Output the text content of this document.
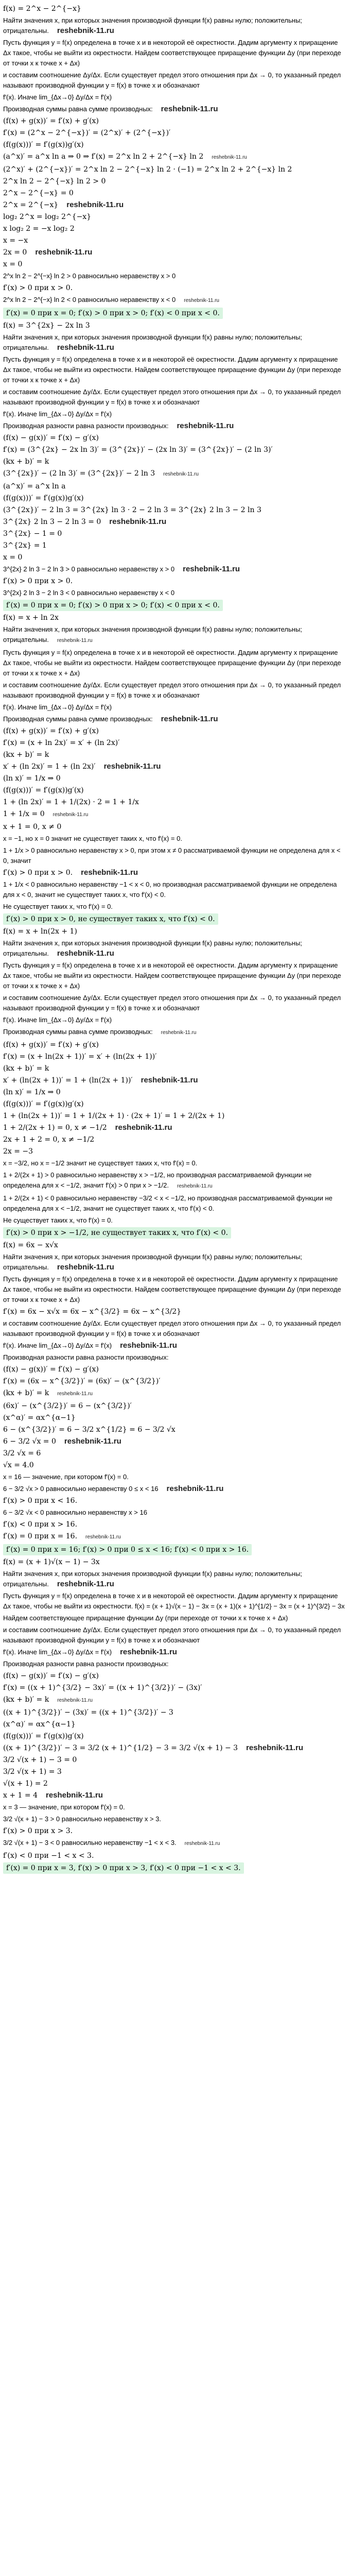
f(x) = 2^x − 2^{−x}
Найти значения x, при которых значения производной функции f(x) равны нулю; положительны; отрицательны. reshebnik-11.ru
Пусть функция y = f(x) определена в точке x и в некоторой её окрестности. Дадим аргументу x приращение Δx такое, чтобы не выйти из окрестности. Найдем соответствующее приращение функции Δy (при переходе от точки x к точке x + Δx)
и составим соотношение Δy/Δx. Если существует предел этого отношения при Δx → 0, то указанный предел называют производной функции y = f(x) в точке x и обозначают
f′(x). Иначе lim_{Δx→0} Δy/Δx = f′(x)
Производная суммы равна сумме производных: reshebnik-11.ru
(f(x) + g(x))′ = f′(x) + g′(x)
f′(x) = (2^x − 2^{−x})′ = (2^x)′ + (2^{−x})′
(f(g(x)))′ = f′(g(x))g′(x)
(a^x)′ = a^x ln a ⇒ 0 ⇒ f′(x) = 2^x ln 2 + 2^{−x} ln 2 reshebnik-11.ru
(2^x)′ + (2^{−x})′ = 2^x ln 2 − 2^{−x} ln 2 · (−1) = 2^x ln 2 + 2^{−x} ln 2
2^x ln 2 − 2^{−x} ln 2 > 0
2^x − 2^{−x} = 0
2^x = 2^{−x} reshebnik-11.ru
log₂ 2^x = log₂ 2^{−x}
x log₂ 2 = −x log₂ 2
x = −x
2x = 0 reshebnik-11.ru
x = 0
2^x ln 2 − 2^{−x} ln 2 > 0 равносильно неравенству x > 0
f′(x) > 0 при x > 0.
2^x ln 2 − 2^{−x} ln 2 < 0 равносильно неравенству x < 0 reshebnik-11.ru
f′(x) = 0 при x = 0; f′(x) > 0 при x > 0; f′(x) < 0 при x < 0.
f(x) = 3^{2x} − 2x ln 3
Найти значения x, при которых значения производной функции f(x) равны нулю; положительны; отрицательны. reshebnik-11.ru
Пусть функция y = f(x) определена в точке x и в некоторой её окрестности. Дадим аргументу x приращение Δx такое, чтобы не выйти из окрестности. Найдем соответствующее приращение функции Δy (при переходе от точки x к точке x + Δx)
и составим соотношение Δy/Δx. Если существует предел этого отношения при Δx → 0, то указанный предел называют производной функции y = f(x) в точке x и обозначают
f′(x). Иначе lim_{Δx→0} Δy/Δx = f′(x)
Производная разности равна разности производных: reshebnik-11.ru
(f(x) − g(x))′ = f′(x) − g′(x)
f′(x) = (3^{2x} − 2x ln 3)′ = (3^{2x})′ − (2x ln 3)′ = (3^{2x})′ − (2 ln 3)′
(kx + b)′ = k
(3^{2x})′ − (2 ln 3)′ = (3^{2x})′ − 2 ln 3 reshebnik-11.ru
(a^x)′ = a^x ln a
(f(g(x)))′ = f′(g(x))g′(x)
(3^{2x})′ − 2 ln 3 = 3^{2x} ln 3 · 2 − 2 ln 3 = 3^{2x} 2 ln 3 − 2 ln 3
3^{2x} 2 ln 3 − 2 ln 3 = 0 reshebnik-11.ru
3^{2x} − 1 = 0
3^{2x} = 1
x = 0
3^{2x} 2 ln 3 − 2 ln 3 > 0 равносильно неравенству x > 0 reshebnik-11.ru
f′(x) > 0 при x > 0.
3^{2x} 2 ln 3 − 2 ln 3 < 0 равносильно неравенству x < 0
f′(x) = 0 при x = 0; f′(x) > 0 при x > 0; f′(x) < 0 при x < 0.
f(x) = x + ln 2x
Найти значения x, при которых значения производной функции f(x) равны нулю; положительны; отрицательны. reshebnik-11.ru
Пусть функция y = f(x) определена в точке x и в некоторой её окрестности. Дадим аргументу x приращение Δx такое, чтобы не выйти из окрестности. Найдем соответствующее приращение функции Δy (при переходе от точки x к точке x + Δx)
и составим соотношение Δy/Δx. Если существует предел этого отношения при Δx → 0, то указанный предел называют производной функции y = f(x) в точке x и обозначают
f′(x). Иначе lim_{Δx→0} Δy/Δx = f′(x)
Производная суммы равна сумме производных: reshebnik-11.ru
(f(x) + g(x))′ = f′(x) + g′(x)
f′(x) = (x + ln 2x)′ = x′ + (ln 2x)′
(kx + b)′ = k
x′ + (ln 2x)′ = 1 + (ln 2x)′ reshebnik-11.ru
(ln x)′ = 1/x ⇒ 0
(f(g(x)))′ = f′(g(x))g′(x)
1 + (ln 2x)′ = 1 + 1/(2x) · 2 = 1 + 1/x
1 + 1/x = 0 reshebnik-11.ru
x + 1 = 0, x ≠ 0
x = −1, но x = 0 значит не существует таких x, что f′(x) = 0.
1 + 1/x > 0 равносильно неравенству x > 0, при этом x ≠ 0 рассматриваемой функции не определена для x < 0, значит
f′(x) > 0 при x > 0. reshebnik-11.ru
1 + 1/x < 0 равносильно неравенству −1 < x < 0, но производная рассматриваемой функции не определена для x < 0, значит не существует таких x, что f′(x) < 0.
Не существует таких x, что f′(x) = 0.
f′(x) > 0 при x > 0, не существует таких x, что f′(x) < 0.
f(x) = x + ln(2x + 1)
Найти значения x, при которых значения производной функции f(x) равны нулю; положительны; отрицательны. reshebnik-11.ru
Пусть функция y = f(x) определена в точке x и в некоторой её окрестности. Дадим аргументу x приращение Δx такое, чтобы не выйти из окрестности. Найдем соответствующее приращение функции Δy (при переходе от точки x к точке x + Δx)
и составим соотношение Δy/Δx. Если существует предел этого отношения при Δx → 0, то указанный предел называют производной функции y = f(x) в точке x и обозначают
f′(x). Иначе lim_{Δx→0} Δy/Δx = f′(x)
Производная суммы равна сумме производных: reshebnik-11.ru
(f(x) + g(x))′ = f′(x) + g′(x)
f′(x) = (x + ln(2x + 1))′ = x′ + (ln(2x + 1))′
(kx + b)′ = k
x′ + (ln(2x + 1))′ = 1 + (ln(2x + 1))′ reshebnik-11.ru
(ln x)′ = 1/x ⇒ 0
(f(g(x)))′ = f′(g(x))g′(x)
1 + (ln(2x + 1))′ = 1 + 1/(2x + 1) · (2x + 1)′ = 1 + 2/(2x + 1)
1 + 2/(2x + 1) = 0, x ≠ −1/2 reshebnik-11.ru
2x + 1 + 2 = 0, x ≠ −1/2
2x = −3
x = −3/2, но x = −1/2 значит не существует таких x, что f′(x) = 0.
1 + 2/(2x + 1) > 0 равносильно неравенству x > −1/2, но производная рассматриваемой функции не определена для x < −1/2, значит f′(x) > 0 при x > −1/2. reshebnik-11.ru
1 + 2/(2x + 1) < 0 равносильно неравенству −3/2 < x < −1/2, но производная рассматриваемой функции не определена для x < −1/2, значит не существует таких x, что f′(x) < 0.
Не существует таких x, что f′(x) = 0.
f′(x) > 0 при x > −1/2, не существует таких x, что f′(x) < 0.
f(x) = 6x − x√x
Найти значения x, при которых значения производной функции f(x) равны нулю; положительны; отрицательны. reshebnik-11.ru
Пусть функция y = f(x) определена в точке x и в некоторой её окрестности. Дадим аргументу x приращение Δx такое, чтобы не выйти из окрестности. Найдем соответствующее приращение функции Δy (при переходе от точки x к точке x + Δx)
f′(x) = 6x − x√x = 6x − x^{3/2} = 6x − x^{3/2}
и составим соотношение Δy/Δx. Если существует предел этого отношения при Δx → 0, то указанный предел называют производной функции y = f(x) в точке x и обозначают
f′(x). Иначе lim_{Δx→0} Δy/Δx = f′(x) reshebnik-11.ru
Производная разности равна разности производных:
(f(x) − g(x))′ = f′(x) − g′(x)
f′(x) = (6x − x^{3/2})′ = (6x)′ − (x^{3/2})′
(kx + b)′ = k reshebnik-11.ru
(6x)′ − (x^{3/2})′ = 6 − (x^{3/2})′
(x^α)′ = αx^{α−1}
6 − (x^{3/2})′ = 6 − 3/2 x^{1/2} = 6 − 3/2 √x
6 − 3/2 √x = 0 reshebnik-11.ru
3/2 √x = 6
√x = 4.0
x = 16 — значение, при котором f′(x) = 0.
6 − 3/2 √x > 0 равносильно неравенству 0 ≤ x < 16 reshebnik-11.ru
f′(x) > 0 при x < 16.
6 − 3/2 √x < 0 равносильно неравенству x > 16
f′(x) < 0 при x > 16.
f′(x) = 0 при x = 16. reshebnik-11.ru
f′(x) = 0 при x = 16; f′(x) > 0 при 0 ≤ x < 16; f′(x) < 0 при x > 16.
f(x) = (x + 1)√(x − 1) − 3x
Найти значения x, при которых значения производной функции f(x) равны нулю; положительны; отрицательны. reshebnik-11.ru
Пусть функция y = f(x) определена в точке x и в некоторой её окрестности. Дадим аргументу x приращение Δx такое, чтобы не выйти из окрестности. f(x) = (x + 1)√(x − 1) − 3x = (x + 1)(x + 1)^{1/2} − 3x = (x + 1)^{3/2} − 3x
Найдем соответствующее приращение функции Δy (при переходе от точки x к точке x + Δx)
и составим соотношение Δy/Δx. Если существует предел этого отношения при Δx → 0, то указанный предел называют производной функции y = f(x) в точке x и обозначают
f′(x). Иначе lim_{Δx→0} Δy/Δx = f′(x) reshebnik-11.ru
Производная разности равна разности производных:
(f(x) − g(x))′ = f′(x) − g′(x)
f′(x) = ((x + 1)^{3/2} − 3x)′ = ((x + 1)^{3/2})′ − (3x)′
(kx + b)′ = k reshebnik-11.ru
((x + 1)^{3/2})′ − (3x)′ = ((x + 1)^{3/2})′ − 3
(x^α)′ = αx^{α−1}
(f(g(x)))′ = f′(g(x))g′(x)
((x + 1)^{3/2})′ − 3 = 3/2 (x + 1)^{1/2} − 3 = 3/2 √(x + 1) − 3 reshebnik-11.ru
3/2 √(x + 1) − 3 = 0
3/2 √(x + 1) = 3
√(x + 1) = 2
x + 1 = 4 reshebnik-11.ru
x = 3 — значение, при котором f′(x) = 0.
3/2 √(x + 1) − 3 > 0 равносильно неравенству x > 3.
f′(x) > 0 при x > 3.
3/2 √(x + 1) − 3 < 0 равносильно неравенству −1 < x < 3. reshebnik-11.ru
f′(x) < 0 при −1 < x < 3.
f′(x) = 0 при x = 3, f′(x) > 0 при x > 3, f′(x) < 0 при −1 < x < 3.
